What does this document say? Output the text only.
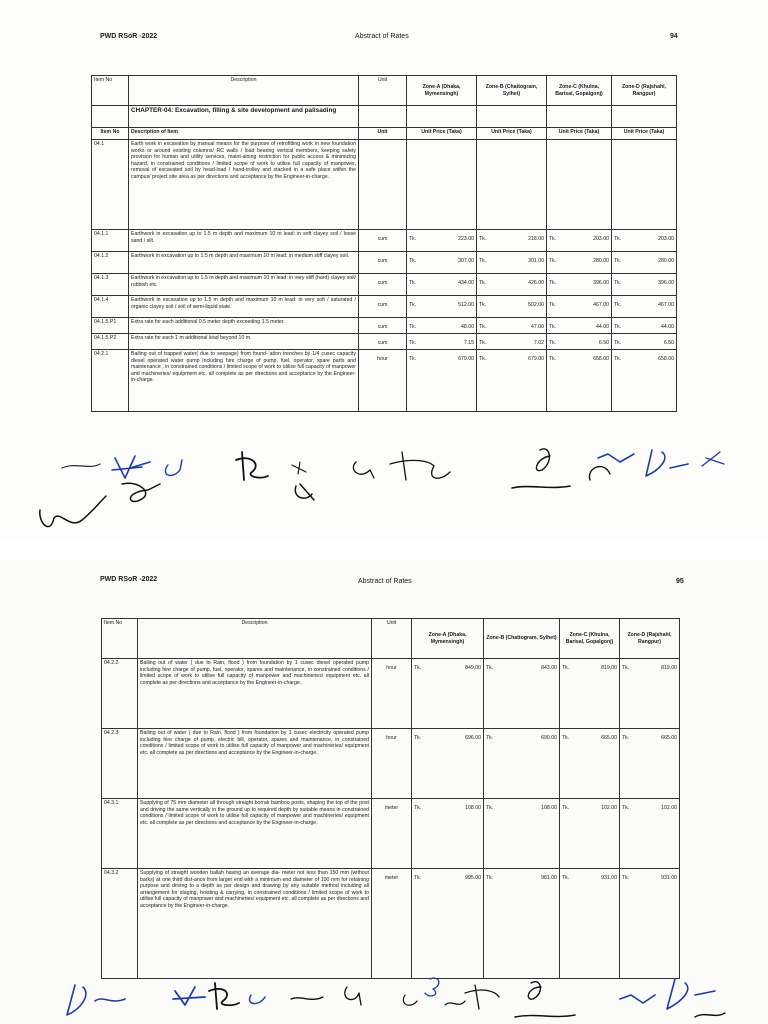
PWD RSoR -2022	Abstract of Rates	94
Item No	Description	Unit	Zone-A (Dhaka, Mymensingh)	Zone-B (Chattogram, Sylhet)	Zone-C (Khulna, Barisal, Gopalgonj)	Zone-D (Rajshahi, Rangpur)
	CHAPTER-04: Excavation, filling & site development and palisading					
Item No	Description of Item	Unit	Unit Price (Taka)	Unit Price (Taka)	Unit Price (Taka)	Unit Price (Taka)
04.1	Earth work in excavation by manual means for the purpose of retrofitting work in new foundation works or around existing columns/ RC walls / load bearing vertical members, keeping safety provision for human and utility services, maint-aining restriction for public access & minimizing hazard, in constrained conditions / limited scope of work to utilise full capacity of manpower, removal of excavated soil by head-load / hand-trolley and stacked in a safe place within the campus/ project site area as per directions and acceptance by the Engineer-in-charge.		

04.1.1	Earthwork in excavation up to 1.5 m depth and maximum 10 m lead: in soft clayey soil / loose sand / silt.	cum	Tk. 223.00	Tk. 218.00	Tk. 203.00	Tk. 203.00

04.1.2	Earthwork in excavation up to 1.5 m depth and maximum 10 m lead: in medium stiff clayey soil.	cum	Tk. 307.00	Tk. 301.00	Tk. 280.00	Tk. 280.00

04.1.3	Earthwork in excavation up to 1.5 m depth and maximum 10 m lead: in very stiff (hard) clayey soil/ rubbish etc.	cum	Tk. 434.00	Tk. 426.00	Tk. 396.00	Tk. 396.00

04.1.4	Earthwork in excavation up to 1.5 m depth and maximum 10 m lead: in very soft / saturated / organic clayey soil / soil of semi-liquid state.	cum	Tk. 512.00	Tk. 502.00	Tk. 467.00	Tk. 467.00

04.1.5.P1	Extra rate for each additional 0.5 meter depth exceeding 1.5 meter.	cum	Tk. 48.00	Tk. 47.00	Tk. 44.00	Tk. 44.00

04.1.5.P2	Extra rate for each 1 m additional lead beyond 10 m.	cum	Tk. 7.15	Tk. 7.02	Tk. 6.50	Tk. 6.50

04.2.1	Bailing out of trapped water( due to seepage) from found- ation trenches by 1/4 cusec capacity diesel operated water pump including hire charge of pump, fuel, operator, spare parts and maintenance , in constrained conditions / limited scope of work to utilise full capacity of manpower and machineries/ equipment etc. all complete as per directions and acceptance by the Engineer-in-charge.	hour	Tk. 679.00	Tk. 679.00	Tk. 658.00	Tk. 658.00
PWD RSoR -2022	Abstract of Rates	95
Item No	Description	Unit	Zone-A (Dhaka, Mymensingh)	Zone-B (Chattogram, Sylhet)	Zone-C (Khulna, Barisal, Gopalgonj)	Zone-D (Rajshahi, Rangpur)
04.2.2	Bailing out of water ( due to Rain, flood ) from foundation by 1 cusec diesel operated pump including hire charge of pump, fuel, operator, spares and maintenance, in constrained conditions / limited scope of work to utilise full capacity of manpower and machineries/ equipment etc. all complete as per directions and acceptance by the Engineer-in-charge.	hour	Tk. 849.00	Tk. 843.00	Tk. 819.00	Tk. 819.00

04.2.3	Bailing out of water ( due to Rain, flood ) from foundation by 1 cusec electricity operated pump including hire charge of pump, electric bill, operator, spares and maintenance, in constrained conditions / limited scope of work to utilise full capacity of manpower and machineries/ equipment etc. all complete as per directions and acceptance by the Engineer-in-charge.	hour	Tk. 696.00	Tk. 690.00	Tk. 665.00	Tk. 665.00

04.3.1	Supplying of 75 mm diameter all through straight borrak bamboo posts, shaping the top of the post and driving the same vertically in the ground up to required depth by suitable means in constrained conditions / limited scope of work to utilise full capacity of manpower and machineries/ equipment etc. all complete as per directions and acceptance by the Engineer-in-charge.	meter	Tk. 108.00	Tk. 108.00	Tk. 102.00	Tk. 102.00

04.3.2	Supplying of straight wooden ballah having an average dia- meter not less than 150 mm (without barks) at one third dist-ance from larger end with a minimum end diameter of 100 mm for retaining purpose and driving to a depth as per design and drawing by any suitable method including all arrangement for staging, hoisting & carrying, in constrained conditions / limited scope of work to utilise full capacity of manpower and machineries/ equipment etc. all complete as per directions and acceptance by the Engineer-in-charge.	meter	Tk. 995.00	Tk. 981.00	Tk. 931.00	Tk. 931.00
